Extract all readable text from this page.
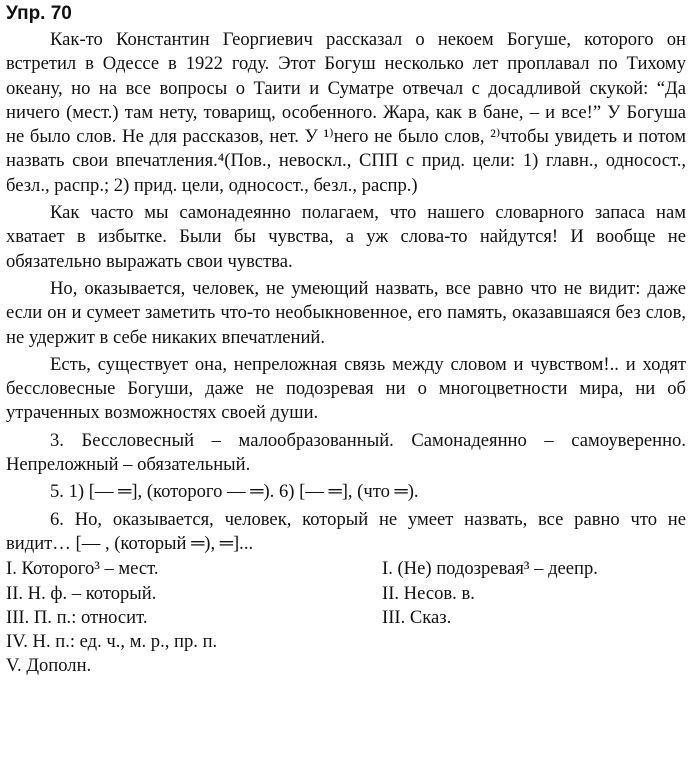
Упр. 70

Как-то Константин Георгиевич рассказал о некоем Богуше, которого он встретил в Одессе в 1922 году. Этот Богуш несколько лет проплавал по Тихому океану, но на все вопросы о Таити и Суматре отвечал с досадливой скукой: “Да ничего (мест.) там нету, товарищ, особенного. Жара, как в бане, – и все!” У Богуша не было слов. Не для рассказов, нет. У ¹⁾него не было слов, ²⁾чтобы увидеть и потом назвать свои впечатления.⁴(Пов., невоскл., СПП с прид. цели: 1) главн., односост., безл., распр.; 2) прид. цели, односост., безл., распр.)

Как часто мы самонадеянно полагаем, что нашего словарного запаса нам хватает в избытке. Были бы чувства, а уж слова-то найдутся! И вообще не обязательно выражать свои чувства.

Но, оказывается, человек, не умеющий назвать, все равно что не видит: даже если он и сумеет заметить что-то необыкновенное, его память, оказавшаяся без слов, не удержит в себе никаких впечатлений.

Есть, существует она, непреложная связь между словом и чувством!.. и ходят бессловесные Богуши, даже не подозревая ни о многоцветности мира, ни об утраченных возможностях своей души.

3. Бессловесный – малообразованный. Самонадеянно – самоуверенно. Непреложный – обязательный.

5. 1) [— ═], (которого — ═). 6) [— ═], (что ═).

6. Но, оказывается, человек, который не умеет назвать, все равно что не видит… [— , (который ═), ═]...

I. Которого³ – мест.
II. Н. ф. – который.
III. П. п.: относит.
IV. Н. п.: ед. ч., м. р., пр. п.
V. Дополн.
I. (Не) подозревая³ – деепр.
II. Несов. в.
III. Сказ.
